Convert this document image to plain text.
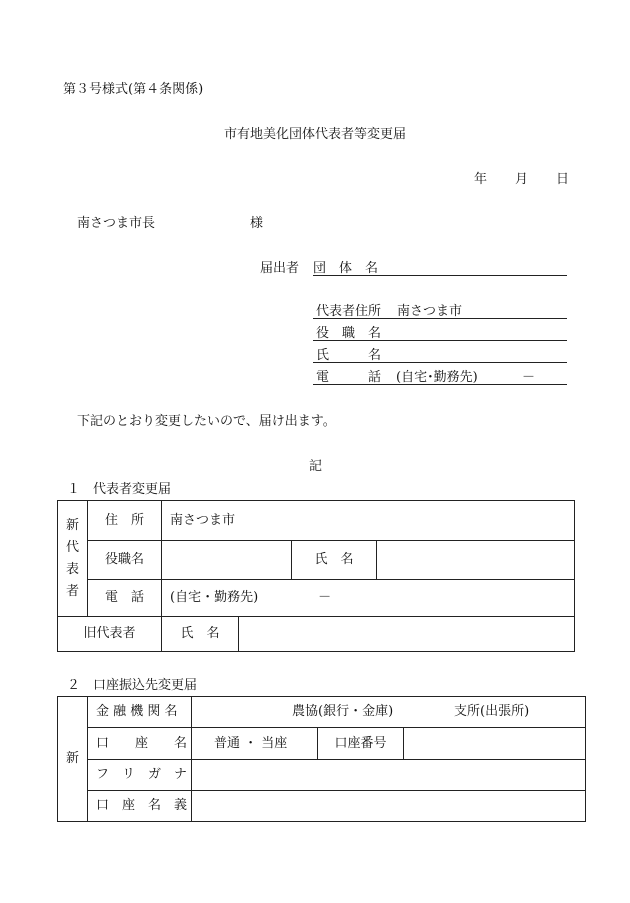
第３号様式(第４条関係)
市有地美化団体代表者等変更届
年 月 日
南さつま市長	様
届出者 団　体　名
代表者住所 南さつま市
役　職　名
氏　　　名
電　　　話 (自宅･勤務先)	－
下記のとおり変更したいので、届け出ます。
記
１　代表者変更届
新
代
表
者	住　所	南さつま市		
	役職名		氏　名	
	電　話	(自宅・勤務先) －		
旧代表者		氏　名		
２　口座振込先変更届
新	金 融 機 関 名	農協(銀行・金庫) 支所(出張所)		

	口　　座　　名	普通 ・ 当座	口座番号	
	フ　リ　ガ　ナ			
	口　座　名　義			
